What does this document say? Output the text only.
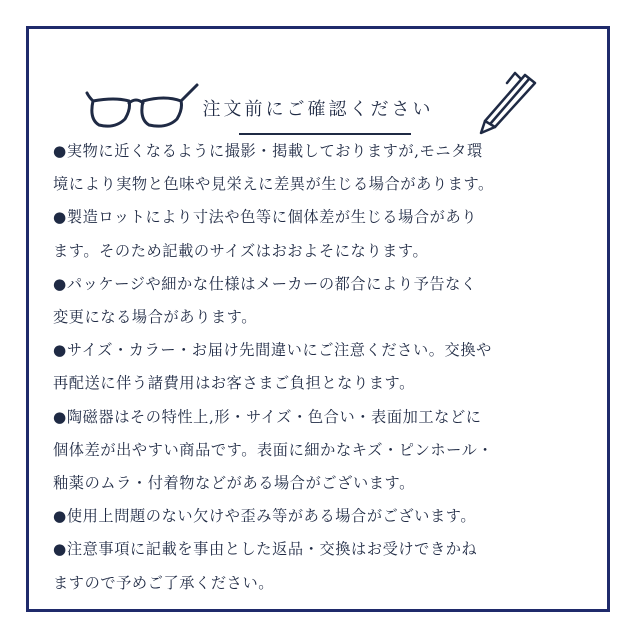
注文前にご確認ください
●実物に近くなるように撮影・掲載しておりますが,モニタ環
境により実物と色味や見栄えに差異が生じる場合があります。
●製造ロットにより寸法や色等に個体差が生じる場合があり
ます。そのため記載のサイズはおおよそになります。
●パッケージや細かな仕様はメーカーの都合により予告なく
変更になる場合があります。
●サイズ・カラー・お届け先間違いにご注意ください。交換や
再配送に伴う諸費用はお客さまご負担となります。
●陶磁器はその特性上,形・サイズ・色合い・表面加工などに
個体差が出やすい商品です。表面に細かなキズ・ピンホール・
釉薬のムラ・付着物などがある場合がございます。
●使用上問題のない欠けや歪み等がある場合がございます。
●注意事項に記載を事由とした返品・交換はお受けできかね
ますので予めご了承ください。
